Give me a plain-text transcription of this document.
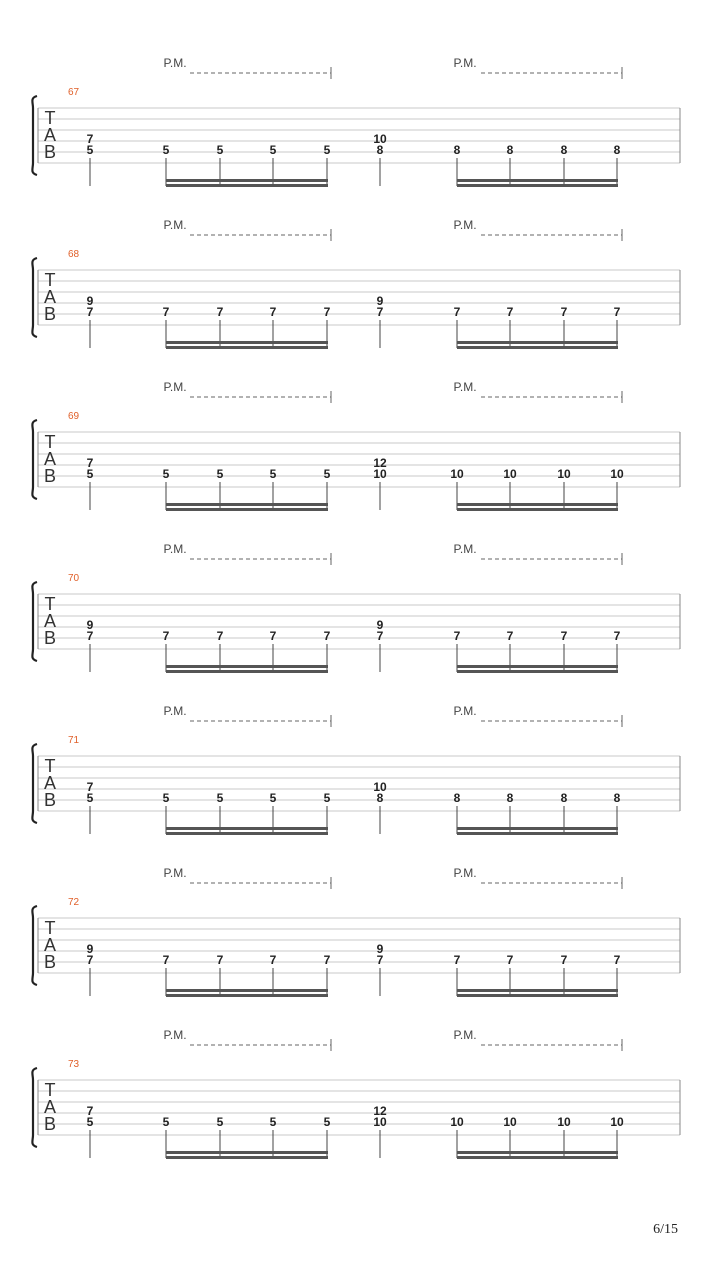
T
A
B
67
P.M.
7
5	5	5	5	5
P.M.
10
8	8	8	8	8
T
A
B
68
P.M.
9
7	7	7	7	7
P.M.
9
7	7	7	7	7
T
A
B
69
P.M.
7
5	5	5	5	5
P.M.
12
10	10	10	10	10
T
A
B
70
P.M.
9
7	7	7	7	7
P.M.
9
7	7	7	7	7
T
A
B
71
P.M.
7
5	5	5	5	5
P.M.
10
8	8	8	8	8
T
A
B
72
P.M.
9
7	7	7	7	7
P.M.
9
7	7	7	7	7
T
A
B
73
P.M.
7
5	5	5	5	5
P.M.
12
10	10	10	10	10
6/15
